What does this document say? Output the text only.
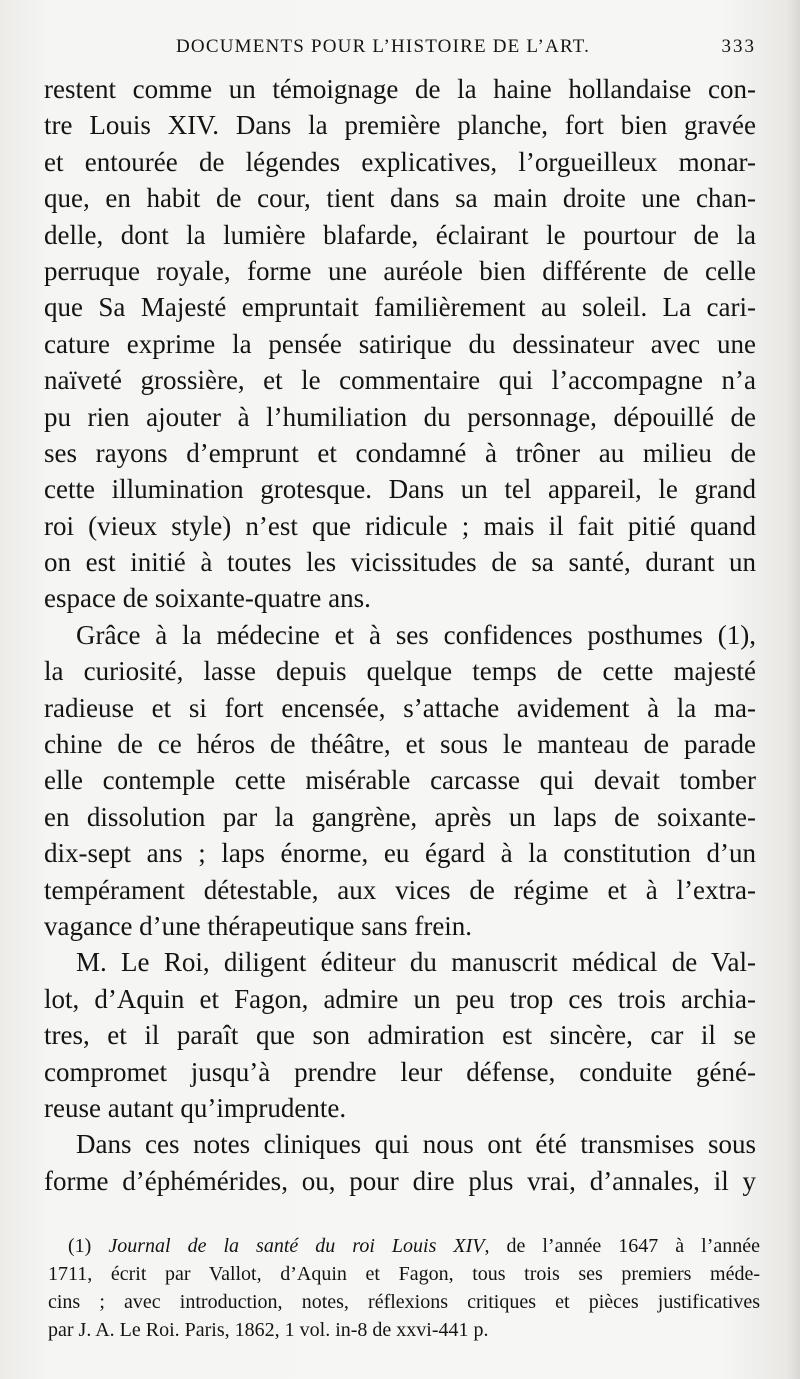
DOCUMENTS POUR L’HISTOIRE DE L’ART.	333
restent comme un témoignage de la haine hollandaise con-
tre Louis XIV. Dans la première planche, fort bien gravée
et entourée de légendes explicatives, l’orgueilleux monar-
que, en habit de cour, tient dans sa main droite une chan-
delle, dont la lumière blafarde, éclairant le pourtour de la
perruque royale, forme une auréole bien différente de celle
que Sa Majesté empruntait familièrement au soleil. La cari-
cature exprime la pensée satirique du dessinateur avec une
naïveté grossière, et le commentaire qui l’accompagne n’a
pu rien ajouter à l’humiliation du personnage, dépouillé de
ses rayons d’emprunt et condamné à trôner au milieu de
cette illumination grotesque. Dans un tel appareil, le grand
roi (vieux style) n’est que ridicule ; mais il fait pitié quand
on est initié à toutes les vicissitudes de sa santé, durant un
espace de soixante-quatre ans.
Grâce à la médecine et à ses confidences posthumes (1),
la curiosité, lasse depuis quelque temps de cette majesté
radieuse et si fort encensée, s’attache avidement à la ma-
chine de ce héros de théâtre, et sous le manteau de parade
elle contemple cette misérable carcasse qui devait tomber
en dissolution par la gangrène, après un laps de soixante-
dix-sept ans ; laps énorme, eu égard à la constitution d’un
tempérament détestable, aux vices de régime et à l’extra-
vagance d’une thérapeutique sans frein.
M. Le Roi, diligent éditeur du manuscrit médical de Val-
lot, d’Aquin et Fagon, admire un peu trop ces trois archia-
tres, et il paraît que son admiration est sincère, car il se
compromet jusqu’à prendre leur défense, conduite géné-
reuse autant qu’imprudente.
Dans ces notes cliniques qui nous ont été transmises sous
forme d’éphémérides, ou, pour dire plus vrai, d’annales, il y
(1) Journal de la santé du roi Louis XIV, de l’année 1647 à l’année
1711, écrit par Vallot, d’Aquin et Fagon, tous trois ses premiers méde-
cins ; avec introduction, notes, réflexions critiques et pièces justificatives
par J. A. Le Roi. Paris, 1862, 1 vol. in-8 de xxvi-441 p.
